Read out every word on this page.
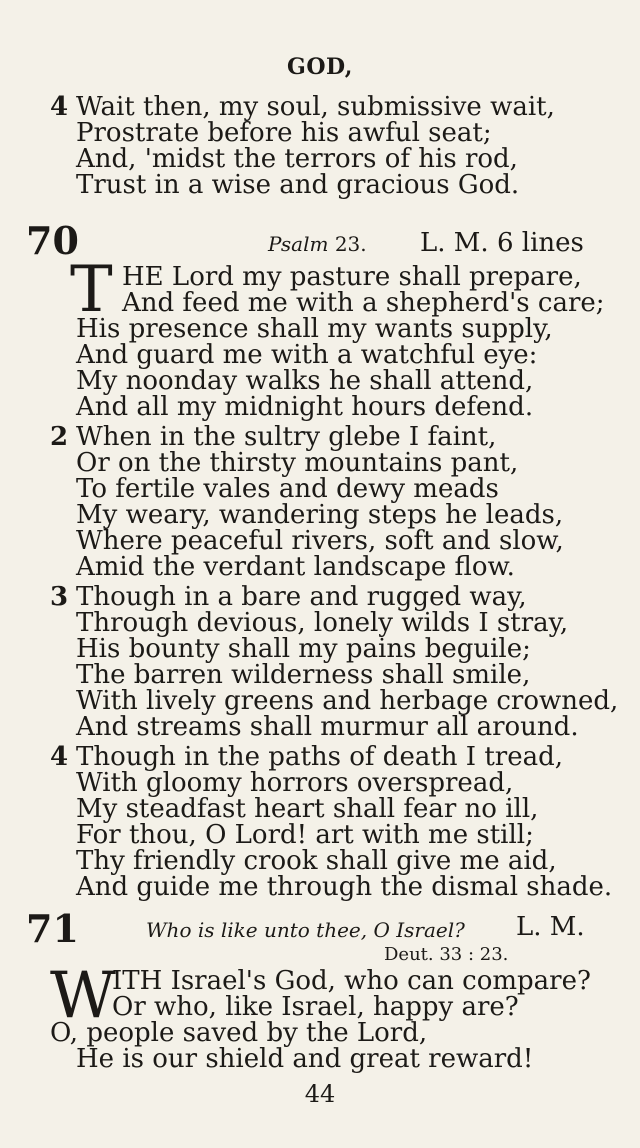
GOD,
4 Wait then, my soul, submissive wait,
Prostrate before his awful seat;
And, 'midst the terrors of his rod,
Trust in a wise and gracious God.
70	Psalm 23. L. M. 6 lines
T HE Lord my pasture shall prepare,
And feed me with a shepherd's care;
His presence shall my wants supply,
And guard me with a watchful eye:
My noonday walks he shall attend,
And all my midnight hours defend.
2 When in the sultry glebe I faint,
Or on the thirsty mountains pant,
To fertile vales and dewy meads
My weary, wandering steps he leads,
Where peaceful rivers, soft and slow,
Amid the verdant landscape flow.
3 Though in a bare and rugged way,
Through devious, lonely wilds I stray,
His bounty shall my pains beguile;
The barren wilderness shall smile,
With lively greens and herbage crowned,
And streams shall murmur all around.
4 Though in the paths of death I tread,
With gloomy horrors overspread,
My steadfast heart shall fear no ill,
For thou, O Lord! art with me still;
Thy friendly crook shall give me aid,
And guide me through the dismal shade.
71	Who is like unto thee, O Israel? L. M.
Deut. 33 : 23.
W
ITH Israel's God, who can compare?
Or who, like Israel, happy are?
O, people saved by the Lord,
He is our shield and great reward!
44
